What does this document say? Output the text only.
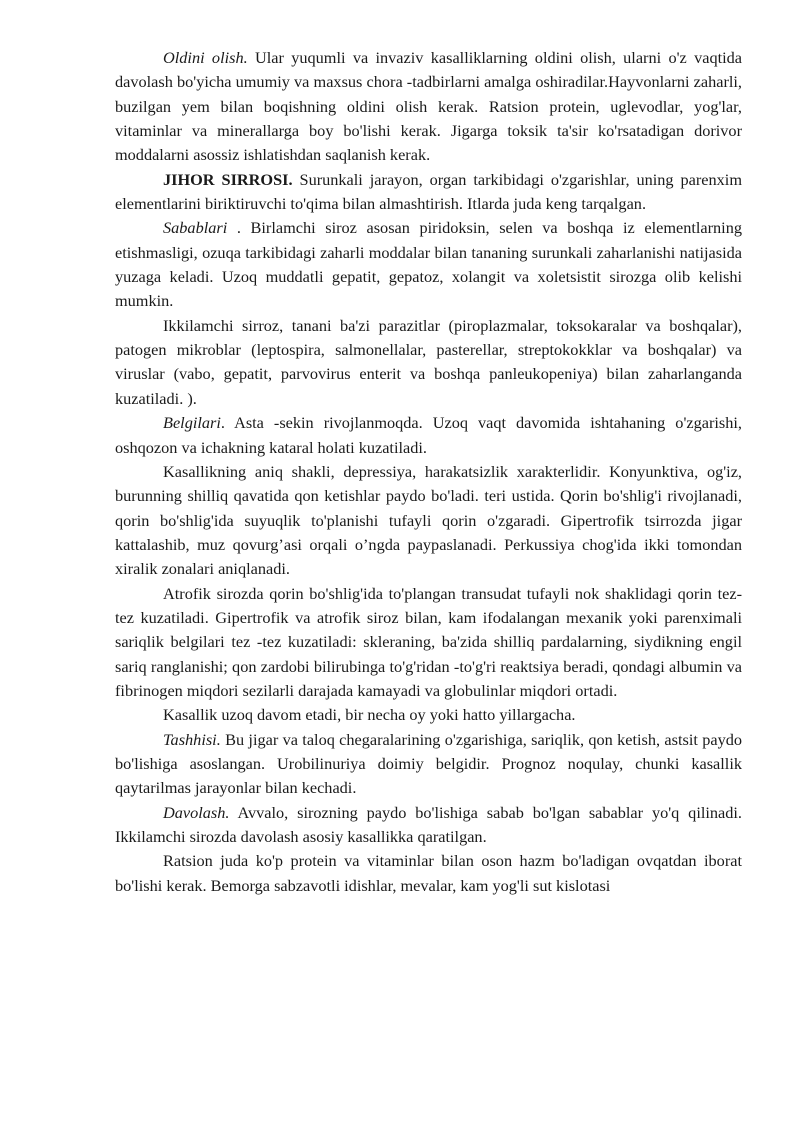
Oldini olish. Ular yuqumli va invaziv kasalliklarning oldini olish, ularni o'z vaqtida davolash bo'yicha umumiy va maxsus chora -tadbirlarni amalga oshiradilar.Hayvonlarni zaharli, buzilgan yem bilan boqishning oldini olish kerak. Ratsion protein, uglevodlar, yog'lar, vitaminlar va minerallarga boy bo'lishi kerak. Jigarga toksik ta'sir ko'rsatadigan dorivor moddalarni asossiz ishlatishdan saqlanish kerak.

JIHOR SIRROSI. Surunkali jarayon, organ tarkibidagi o'zgarishlar, uning parenxim elementlarini biriktiruvchi to'qima bilan almashtirish. Itlarda juda keng tarqalgan.

Sabablari . Birlamchi siroz asosan piridoksin, selen va boshqa iz elementlarning etishmasligi, ozuqa tarkibidagi zaharli moddalar bilan tananing surunkali zaharlanishi natijasida yuzaga keladi. Uzoq muddatli gepatit, gepatoz, xolangit va xoletsistit sirozga olib kelishi mumkin.

Ikkilamchi sirroz, tanani ba'zi parazitlar (piroplazmalar, toksokaralar va boshqalar), patogen mikroblar (leptospira, salmonellalar, pasterellar, streptokokklar va boshqalar) va viruslar (vabo, gepatit, parvovirus enterit va boshqa panleukopeniya) bilan zaharlanganda kuzatiladi. ).

Belgilari. Asta -sekin rivojlanmoqda. Uzoq vaqt davomida ishtahaning o'zgarishi, oshqozon va ichakning kataral holati kuzatiladi.

Kasallikning aniq shakli, depressiya, harakatsizlik xarakterlidir. Konyunktiva, og'iz, burunning shilliq qavatida qon ketishlar paydo bo'ladi. teri ustida. Qorin bo'shlig'i rivojlanadi, qorin bo'shlig'ida suyuqlik to'planishi tufayli qorin o'zgaradi. Gipertrofik tsirrozda jigar kattalashib, muz qovurg’asi orqali o’ngda paypaslanadi. Perkussiya chog'ida ikki tomondan xiralik zonalari aniqlanadi.

Atrofik sirozda qorin bo'shlig'ida to'plangan transudat tufayli nok shaklidagi qorin tez-tez kuzatiladi. Gipertrofik va atrofik siroz bilan, kam ifodalangan mexanik yoki parenximali sariqlik belgilari tez -tez kuzatiladi: skleraning, ba'zida shilliq pardalarning, siydikning engil sariq ranglanishi; qon zardobi bilirubinga to'g'ridan -to'g'ri reaktsiya beradi, qondagi albumin va fibrinogen miqdori sezilarli darajada kamayadi va globulinlar miqdori ortadi.

Kasallik uzoq davom etadi, bir necha oy yoki hatto yillargacha.

Tashhisi. Bu jigar va taloq chegaralarining o'zgarishiga, sariqlik, qon ketish, astsit paydo bo'lishiga asoslangan. Urobilinuriya doimiy belgidir. Prognoz noqulay, chunki kasallik qaytarilmas jarayonlar bilan kechadi.

Davolash. Avvalo, sirozning paydo bo'lishiga sabab bo'lgan sabablar yo'q qilinadi. Ikkilamchi sirozda davolash asosiy kasallikka qaratilgan.

Ratsion juda ko'p protein va vitaminlar bilan oson hazm bo'ladigan ovqatdan iborat bo'lishi kerak. Bemorga sabzavotli idishlar, mevalar, kam yog'li sut kislotasi
